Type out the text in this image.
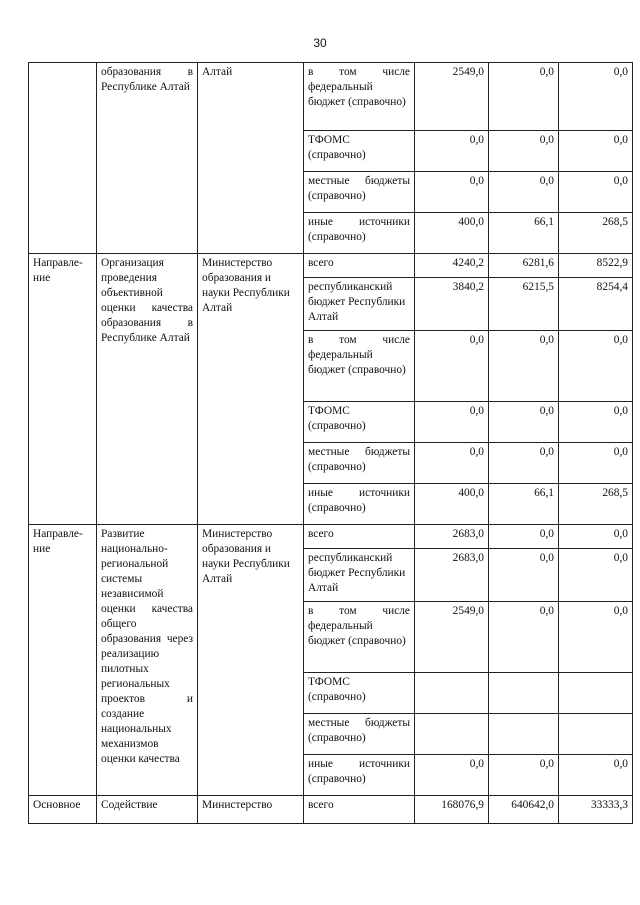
30
	образования в Республике Алтай	Алтай	в том числе федеральный бюджет (справочно)	2549,0	0,0	0,0
			ТФОМС (справочно)	0,0	0,0	0,0
			местные бюджеты (справочно)	0,0	0,0	0,0
			иные источники (справочно)	400,0	66,1	268,5
Направле-ние	Организация проведения объективной оценки качества образования в Республике Алтай	Министерство образования и науки Республики Алтай	всего	4240,2	6281,6	8522,9
			республиканский бюджет Республики Алтай	3840,2	6215,5	8254,4
			в том числе федеральный бюджет (справочно)	0,0	0,0	0,0
			ТФОМС (справочно)	0,0	0,0	0,0
			местные бюджеты (справочно)	0,0	0,0	0,0
			иные источники (справочно)	400,0	66,1	268,5
Направле-ние	Развитие национально-региональной системы независимой оценки качества общего образования через реализацию пилотных региональных проектов и создание национальных механизмов оценки качества	Министерство образования и науки Республики Алтай	всего	2683,0	0,0	0,0
			республиканский бюджет Республики Алтай	2683,0	0,0	0,0
			в том числе федеральный бюджет (справочно)	2549,0	0,0	0,0
			ТФОМС (справочно)			
			местные бюджеты (справочно)			
			иные источники (справочно)	0,0	0,0	0,0
Основное	Содействие	Министерство	всего	168076,9	640642,0	33333,3
